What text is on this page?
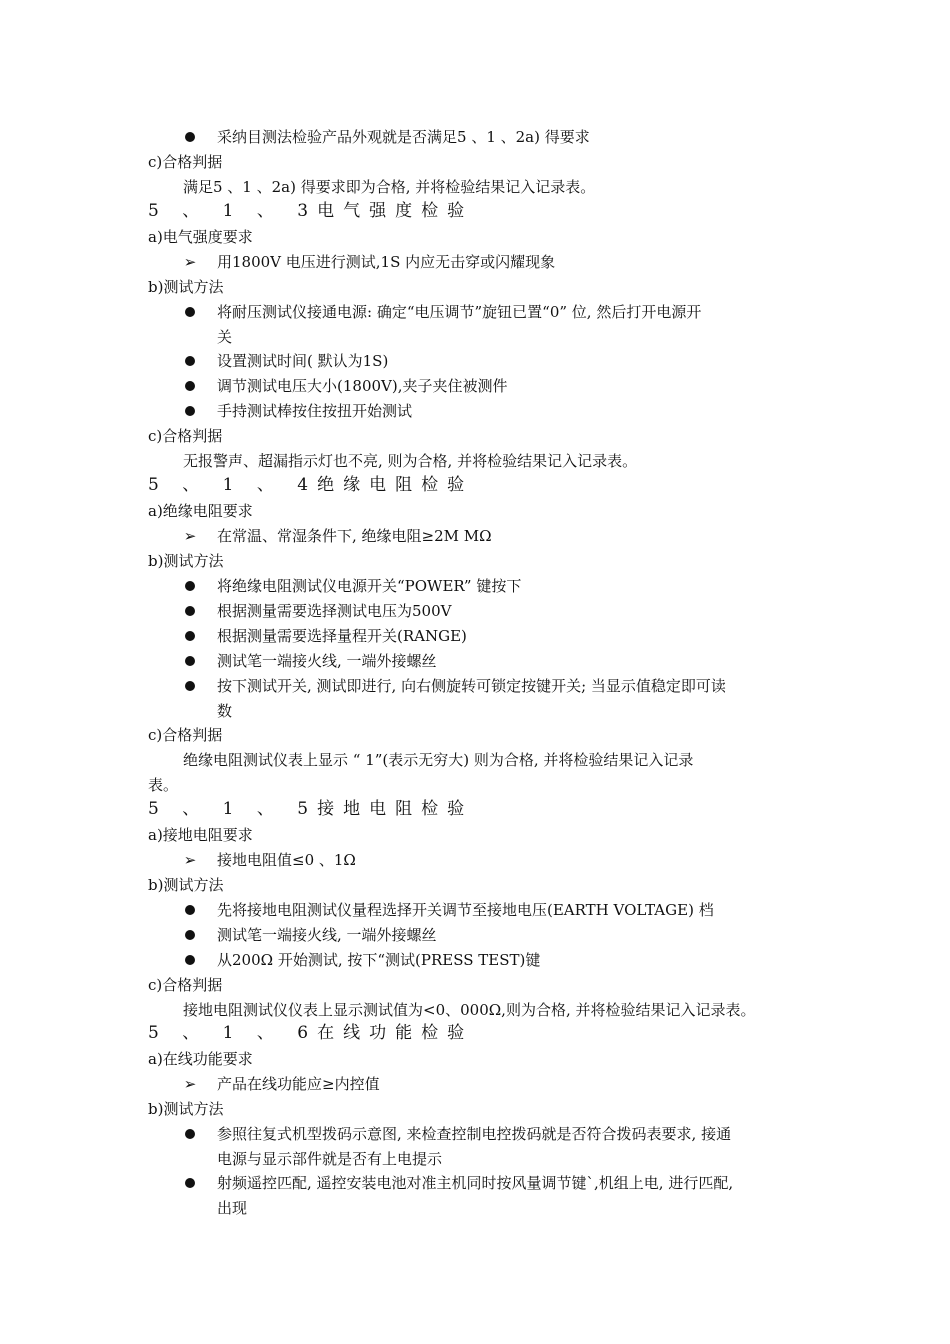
采纳目测法检验产品外观就是否满足5 、1 、2a) 得要求
c)合格判据
满足5 、1 、2a) 得要求即为合格, 并将检验结果记入记录表。
5 、 1 、 3电气强度检验
a)电气强度要求
➢ 用1800V 电压进行测试,1S 内应无击穿或闪耀现象
b)测试方法
将耐压测试仪接通电源: 确定“电压调节”旋钮已置“0” 位, 然后打开电源开
关
设置测试时间( 默认为1S)
调节测试电压大小(1800V),夹子夹住被测件
手持测试棒按住按扭开始测试
c)合格判据
无报警声、超漏指示灯也不亮, 则为合格, 并将检验结果记入记录表。
5 、 1 、 4绝缘电阻检验
a)绝缘电阻要求
➢ 在常温、常湿条件下, 绝缘电阻≥2M MΩ
b)测试方法
将绝缘电阻测试仪电源开关“POWER” 键按下
根据测量需要选择测试电压为500V
根据测量需要选择量程开关(RANGE)
测试笔一端接火线, 一端外接螺丝
按下测试开关, 测试即进行, 向右侧旋转可锁定按键开关; 当显示值稳定即可读
数
c)合格判据
绝缘电阻测试仪表上显示 “ 1”(表示无穷大) 则为合格, 并将检验结果记入记录
表。
5 、 1 、 5接地电阻检验
a)接地电阻要求
➢ 接地电阻值≤0 、1Ω
b)测试方法
先将接地电阻测试仪量程选择开关调节至接地电压(EARTH VOLTAGE) 档
测试笔一端接火线, 一端外接螺丝
从200Ω 开始测试, 按下“测试(PRESS TEST)键
c)合格判据
接地电阻测试仪仪表上显示测试值为<0、000Ω,则为合格, 并将检验结果记入记录表。
5 、 1 、 6在线功能检验
a)在线功能要求
➢ 产品在线功能应≥内控值
b)测试方法
参照往复式机型拨码示意图, 来检查控制电控拨码就是否符合拨码表要求, 接通
电源与显示部件就是否有上电提示
射频遥控匹配, 遥控安装电池对准主机同时按风量调节键`,机组上电, 进行匹配,
出现
